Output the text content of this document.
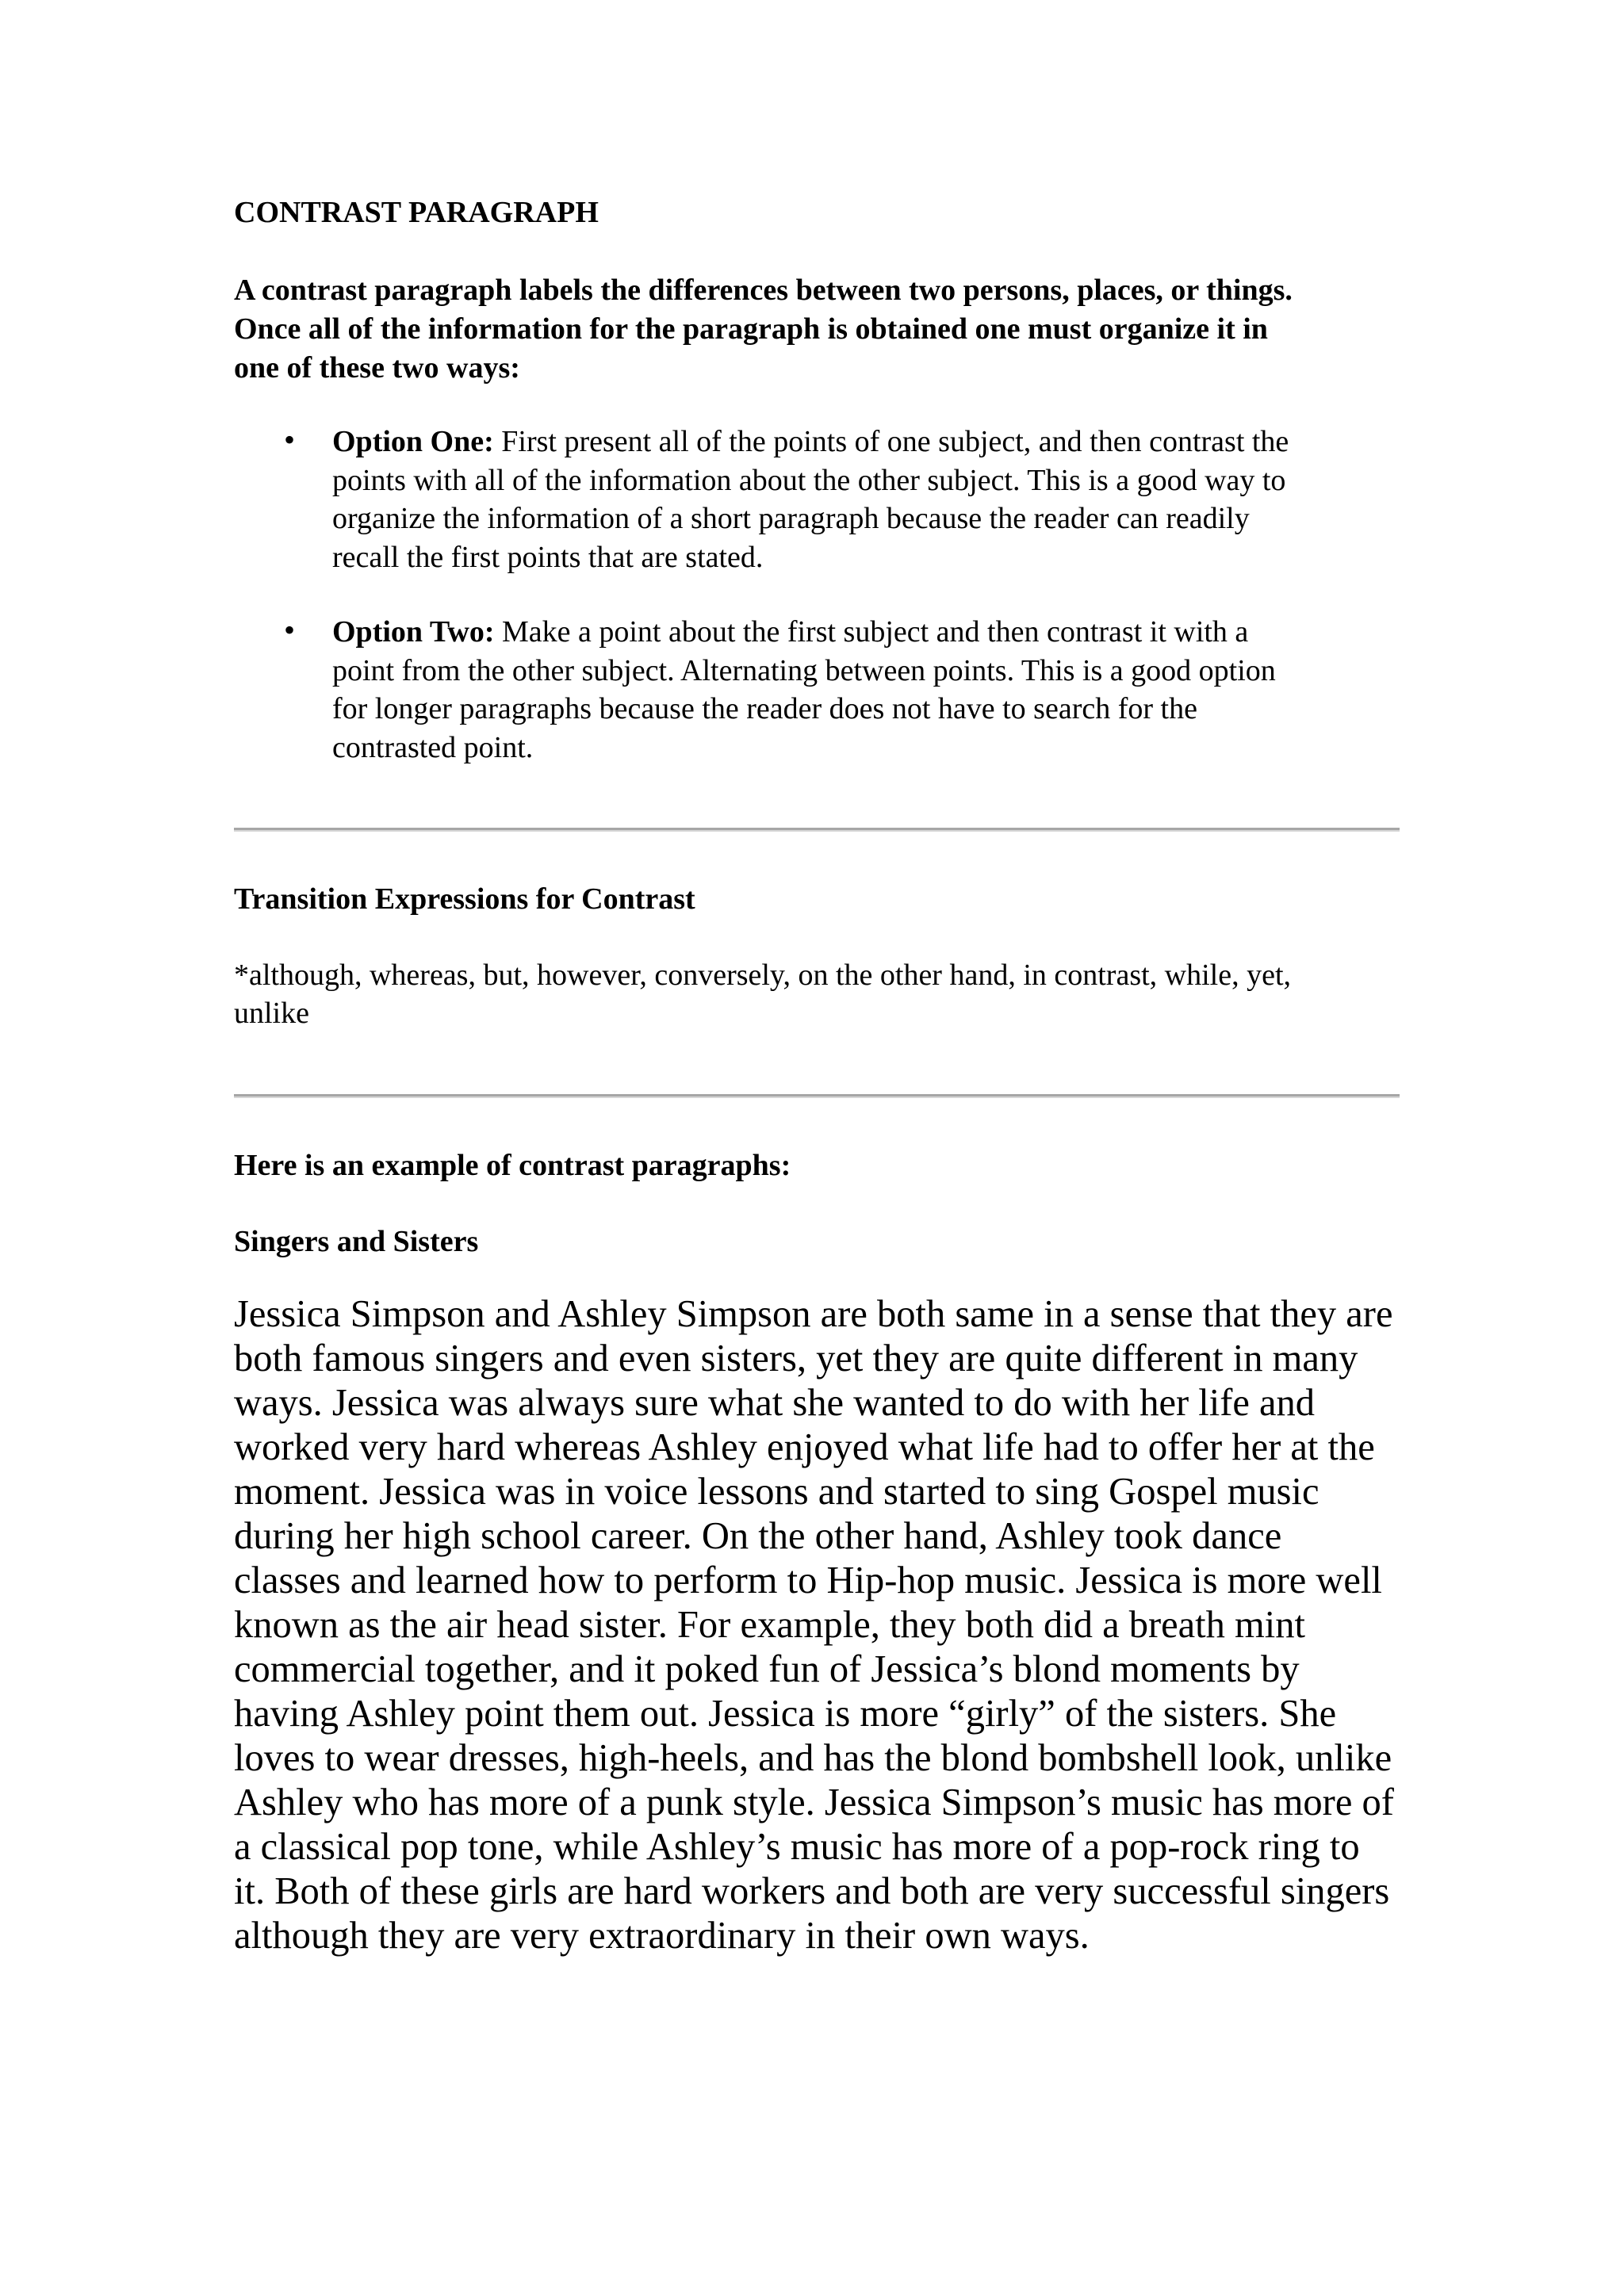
CONTRAST PARAGRAPH
A contrast paragraph labels the differences between two persons, places, or things.
Once all of the information for the paragraph is obtained one must organize it in
one of these two ways:
• Option One: First present all of the points of one subject, and then contrast the
points with all of the information about the other subject. This is a good way to
organize the information of a short paragraph because the reader can readily
recall the first points that are stated.
• Option Two: Make a point about the first subject and then contrast it with a
point from the other subject. Alternating between points. This is a good option
for longer paragraphs because the reader does not have to search for the
contrasted point.
Transition Expressions for Contrast
*although, whereas, but, however, conversely, on the other hand, in contrast, while, yet,
unlike
Here is an example of contrast paragraphs:
Singers and Sisters
Jessica Simpson and Ashley Simpson are both same in a sense that they are
both famous singers and even sisters, yet they are quite different in many
ways. Jessica was always sure what she wanted to do with her life and
worked very hard whereas Ashley enjoyed what life had to offer her at the
moment. Jessica was in voice lessons and started to sing Gospel music
during her high school career. On the other hand, Ashley took dance
classes and learned how to perform to Hip-hop music. Jessica is more well
known as the air head sister. For example, they both did a breath mint
commercial together, and it poked fun of Jessica’s blond moments by
having Ashley point them out. Jessica is more “girly” of the sisters. She
loves to wear dresses, high-heels, and has the blond bombshell look, unlike
Ashley who has more of a punk style. Jessica Simpson’s music has more of
a classical pop tone, while Ashley’s music has more of a pop-rock ring to
it. Both of these girls are hard workers and both are very successful singers
although they are very extraordinary in their own ways.
